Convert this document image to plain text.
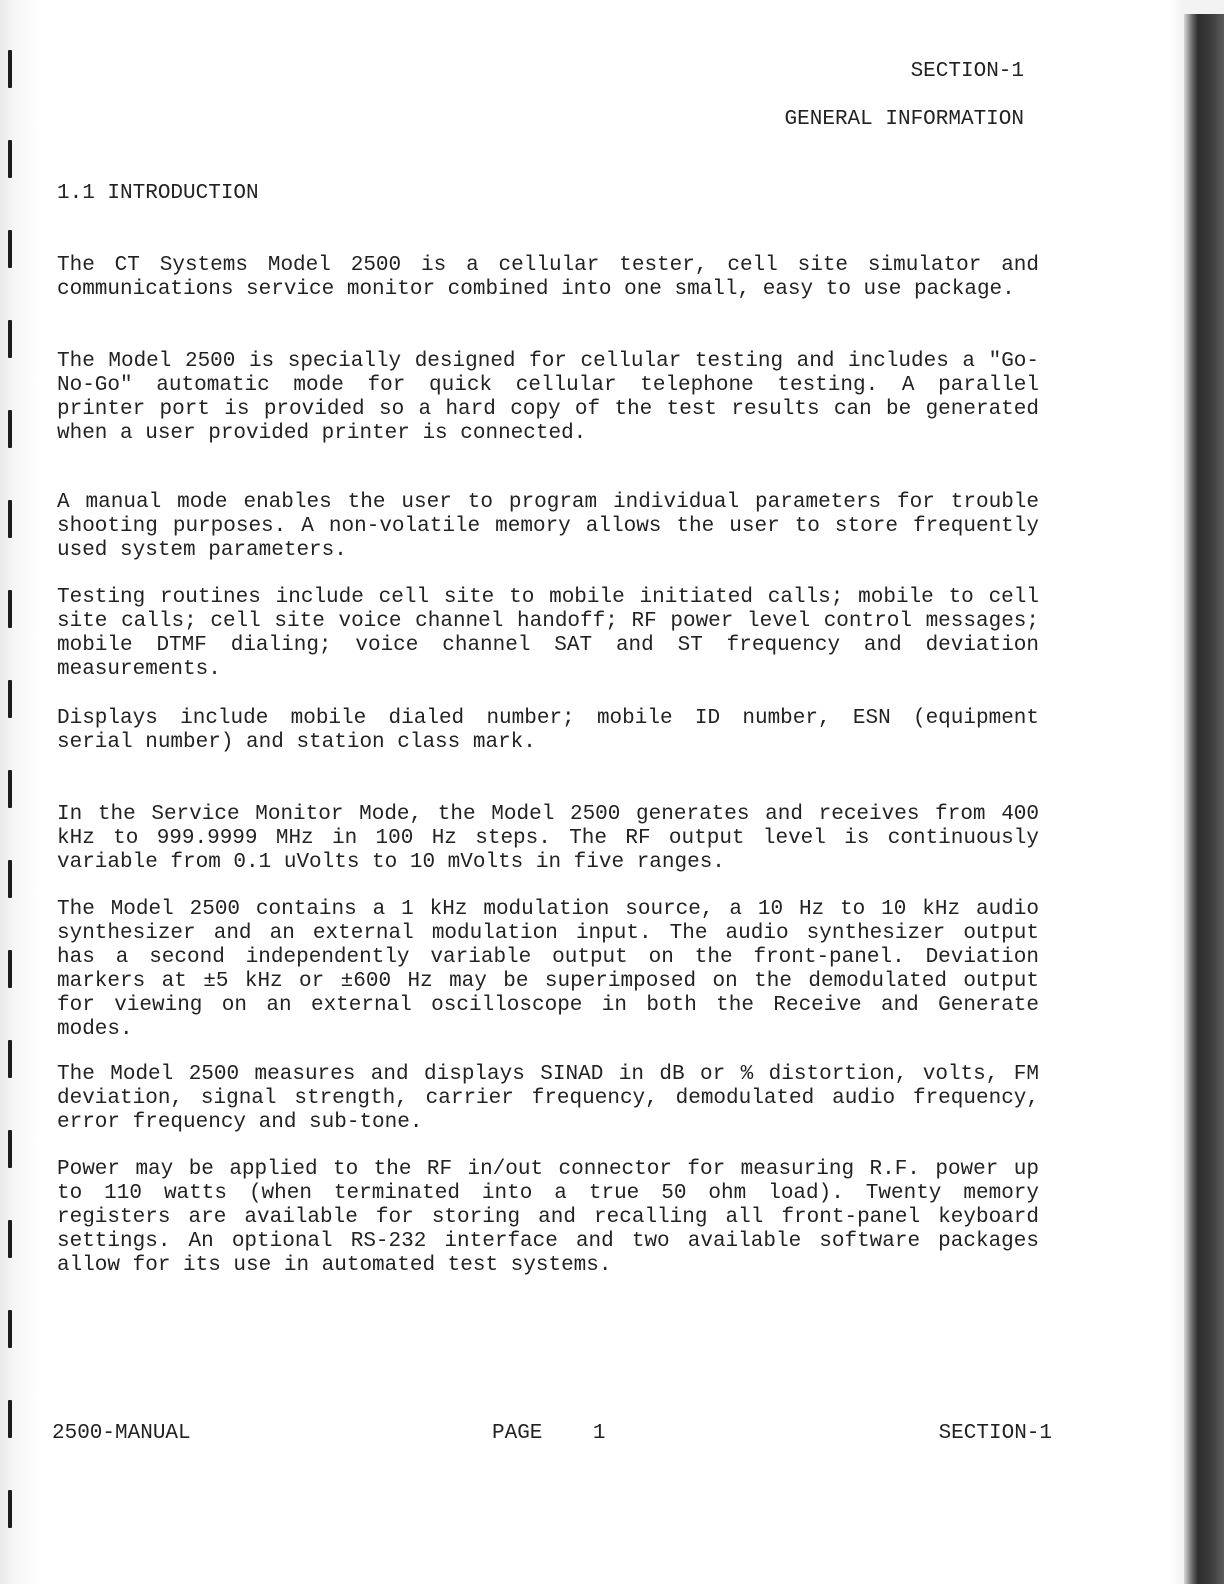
SECTION-1
GENERAL INFORMATION
1.1 INTRODUCTION

The CT Systems Model 2500 is a cellular tester, cell site simulator and communications service monitor combined into one small, easy to use package.

The Model 2500 is specially designed for cellular testing and includes a "Go-No-Go" automatic mode for quick cellular telephone testing. A parallel printer port is provided so a hard copy of the test results can be generated when a user provided printer is connected.

A manual mode enables the user to program individual parameters for trouble shooting purposes. A non-volatile memory allows the user to store frequently used system parameters.

Testing routines include cell site to mobile initiated calls; mobile to cell site calls; cell site voice channel handoff; RF power level control messages; mobile DTMF dialing; voice channel SAT and ST frequency and deviation measurements.

Displays include mobile dialed number; mobile ID number, ESN (equipment serial number) and station class mark.

In the Service Monitor Mode, the Model 2500 generates and receives from 400 kHz to 999.9999 MHz in 100 Hz steps. The RF output level is continuously variable from 0.1 uVolts to 10 mVolts in five ranges.

The Model 2500 contains a 1 kHz modulation source, a 10 Hz to 10 kHz audio synthesizer and an external modulation input. The audio synthesizer output has a second independently variable output on the front-panel. Deviation markers at ±5 kHz or ±600 Hz may be superimposed on the demodulated output for viewing on an external oscilloscope in both the Receive and Generate modes.

The Model 2500 measures and displays SINAD in dB or % distortion, volts, FM deviation, signal strength, carrier frequency, demodulated audio frequency, error frequency and sub-tone.

Power may be applied to the RF in/out connector for measuring R.F. power up to 110 watts (when terminated into a true 50 ohm load). Twenty memory registers are available for storing and recalling all front-panel keyboard settings. An optional RS-232 interface and two available software packages allow for its use in automated test systems.

2500-MANUAL	PAGE 1	SECTION-1
